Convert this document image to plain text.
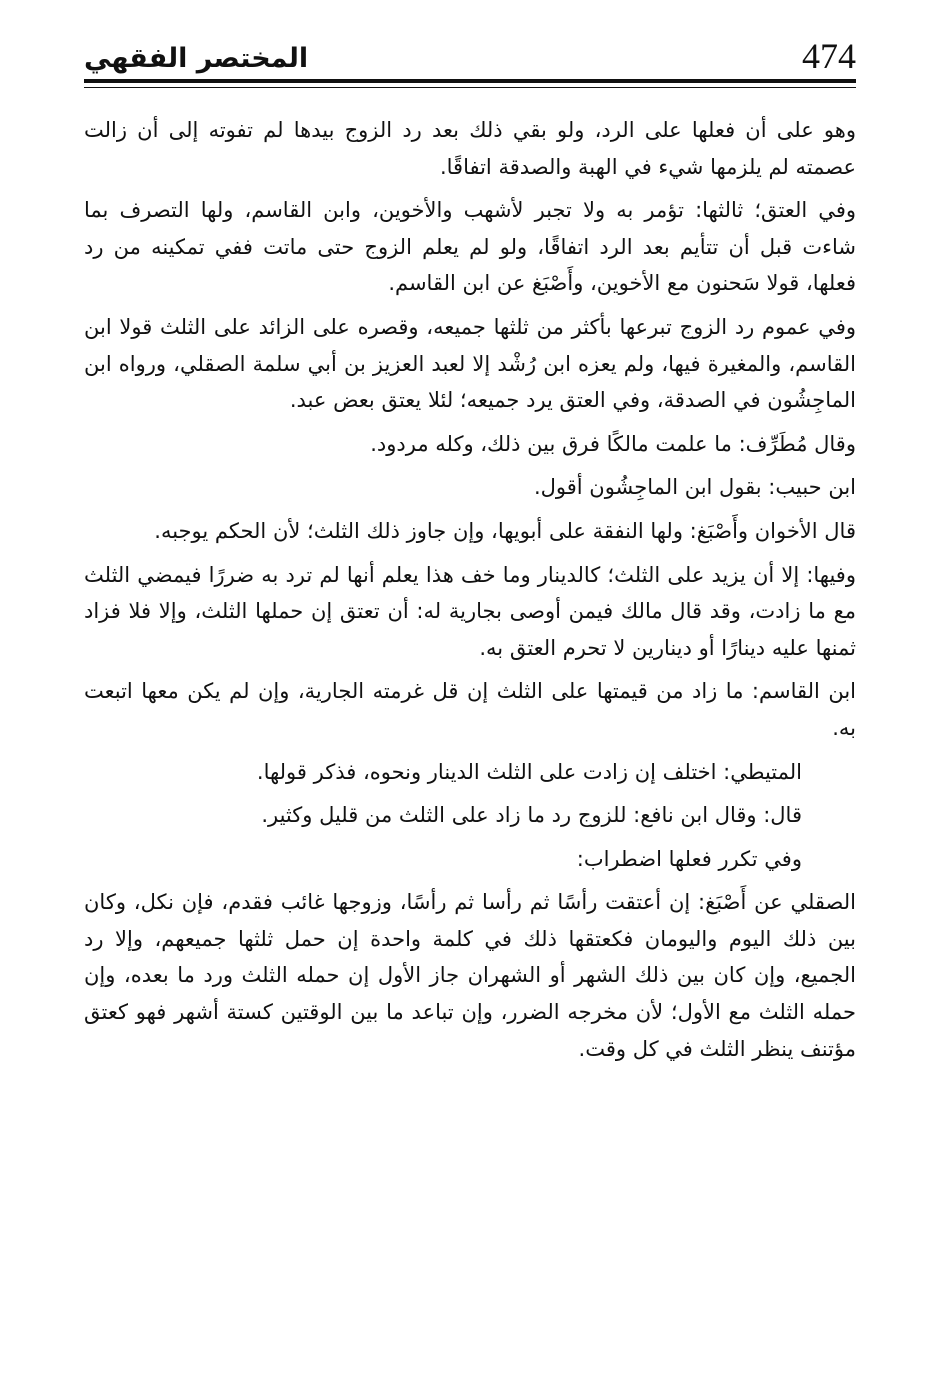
474
المختصر الفقهي

وهو على أن فعلها على الرد، ولو بقي ذلك بعد رد الزوج بيدها لم تفوته إلى أن زالت عصمته لم يلزمها شيء في الهبة والصدقة اتفاقًا.

وفي العتق؛ ثالثها: تؤمر به ولا تجبر لأشهب والأخوين، وابن القاسم، ولها التصرف بما شاءت قبل أن تتأيم بعد الرد اتفاقًا، ولو لم يعلم الزوج حتى ماتت ففي تمكينه من رد فعلها، قولا سَحنون مع الأخوين، وأَصْبَغ عن ابن القاسم.

وفي عموم رد الزوج تبرعها بأكثر من ثلثها جميعه، وقصره على الزائد على الثلث قولا ابن القاسم، والمغيرة فيها، ولم يعزه ابن رُشْد إلا لعبد العزيز بن أبي سلمة الصقلي، ورواه ابن الماجِشُون في الصدقة، وفي العتق يرد جميعه؛ لئلا يعتق بعض عبد.

وقال مُطَرِّف: ما علمت مالكًا فرق بين ذلك، وكله مردود.

ابن حبيب: بقول ابن الماجِشُون أقول.

قال الأخوان وأَصْبَغ: ولها النفقة على أبويها، وإن جاوز ذلك الثلث؛ لأن الحكم يوجبه.

وفيها: إلا أن يزيد على الثلث؛ كالدينار وما خف هذا يعلم أنها لم ترد به ضررًا فيمضي الثلث مع ما زادت، وقد قال مالك فيمن أوصى بجارية له: أن تعتق إن حملها الثلث، وإلا فلا فزاد ثمنها عليه دينارًا أو دينارين لا تحرم العتق به.

ابن القاسم: ما زاد من قيمتها على الثلث إن قل غرمته الجارية، وإن لم يكن معها اتبعت به.

المتيطي: اختلف إن زادت على الثلث الدينار ونحوه، فذكر قولها.

قال: وقال ابن نافع: للزوج رد ما زاد على الثلث من قليل وكثير.

وفي تكرر فعلها اضطراب:

الصقلي عن أَصْبَغ: إن أعتقت رأسًا ثم رأسا ثم رأسًا، وزوجها غائب فقدم، فإن نكل، وكان بين ذلك اليوم واليومان فكعتقها ذلك في كلمة واحدة إن حمل ثلثها جميعهم، وإلا رد الجميع، وإن كان بين ذلك الشهر أو الشهران جاز الأول إن حمله الثلث ورد ما بعده، وإن حمله الثلث مع الأول؛ لأن مخرجه الضرر، وإن تباعد ما بين الوقتين كستة أشهر فهو كعتق مؤتنف ينظر الثلث في كل وقت.
